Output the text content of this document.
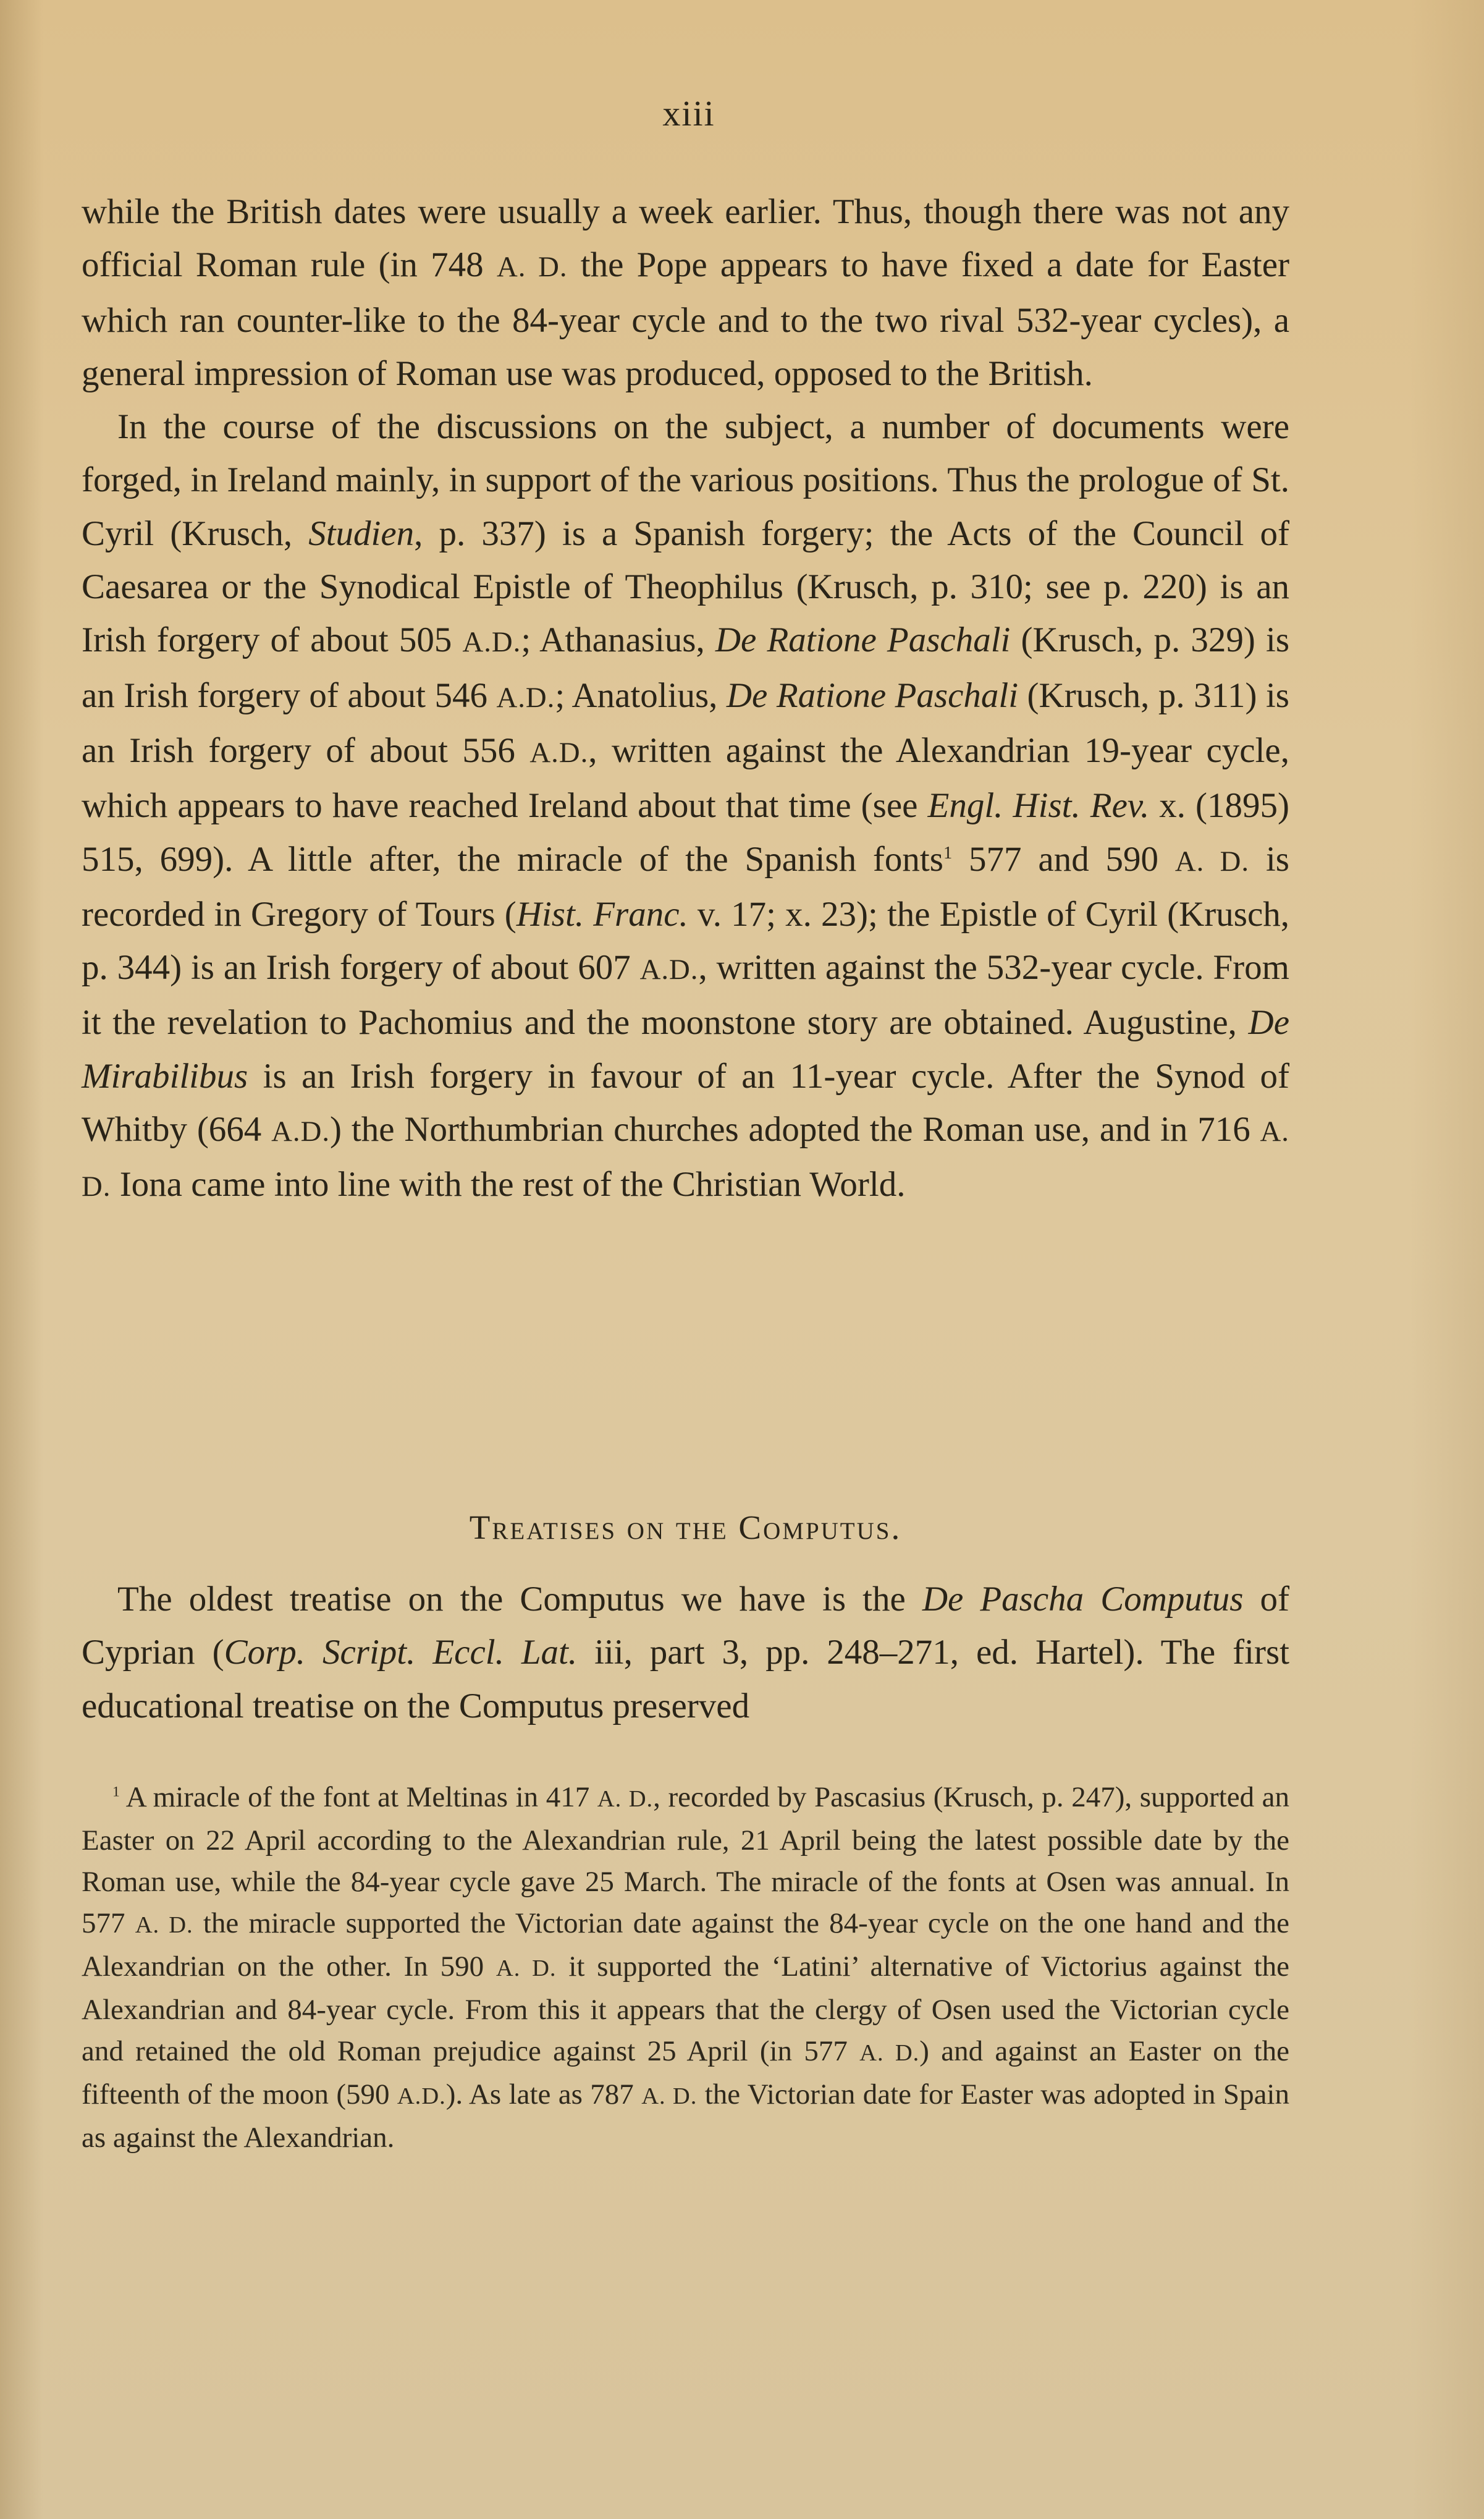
xiii

while the British dates were usually a week earlier. Thus, though there was not any official Roman rule (in 748 A. D. the Pope appears to have fixed a date for Easter which ran counter-like to the 84-year cycle and to the two rival 532-year cycles), a general impression of Roman use was produced, opposed to the British.

In the course of the discussions on the subject, a number of documents were forged, in Ireland mainly, in support of the various positions. Thus the prologue of St. Cyril (Krusch, Studien, p. 337) is a Spanish forgery; the Acts of the Council of Caesarea or the Synodical Epistle of Theophilus (Krusch, p. 310; see p. 220) is an Irish forgery of about 505 A.D.; Athanasius, De Ratione Paschali (Krusch, p. 329) is an Irish forgery of about 546 A.D.; Anatolius, De Ratione Paschali (Krusch, p. 311) is an Irish forgery of about 556 A.D., written against the Alexandrian 19-year cycle, which appears to have reached Ireland about that time (see Engl. Hist. Rev. x. (1895) 515, 699). A little after, the miracle of the Spanish fonts$^1$ 577 and 590 A. D. is recorded in Gregory of Tours (Hist. Franc. v. 17; x. 23); the Epistle of Cyril (Krusch, p. 344) is an Irish forgery of about 607 A.D., written against the 532-year cycle. From it the revelation to Pachomius and the moonstone story are obtained. Augustine, De Mirabilibus is an Irish forgery in favour of an 11-year cycle. After the Synod of Whitby (664 A.D.) the Northumbrian churches adopted the Roman use, and in 716 A. D. Iona came into line with the rest of the Christian World.

Treatises on the Computus.

The oldest treatise on the Computus we have is the De Pascha Computus of Cyprian (Corp. Script. Eccl. Lat. iii, part 3, pp. 248–271, ed. Hartel). The first educational treatise on the Computus preserved

$^1$ A miracle of the font at Meltinas in 417 A. D., recorded by Pascasius (Krusch, p. 247), supported an Easter on 22 April according to the Alexandrian rule, 21 April being the latest possible date by the Roman use, while the 84-year cycle gave 25 March. The miracle of the fonts at Osen was annual. In 577 A. D. the miracle supported the Victorian date against the 84-year cycle on the one hand and the Alexandrian on the other. In 590 A. D. it supported the ‘Latini’ alternative of Victorius against the Alexandrian and 84-year cycle. From this it appears that the clergy of Osen used the Victorian cycle and retained the old Roman prejudice against 25 April (in 577 A. D.) and against an Easter on the fifteenth of the moon (590 A.D.). As late as 787 A. D. the Victorian date for Easter was adopted in Spain as against the Alexandrian.
